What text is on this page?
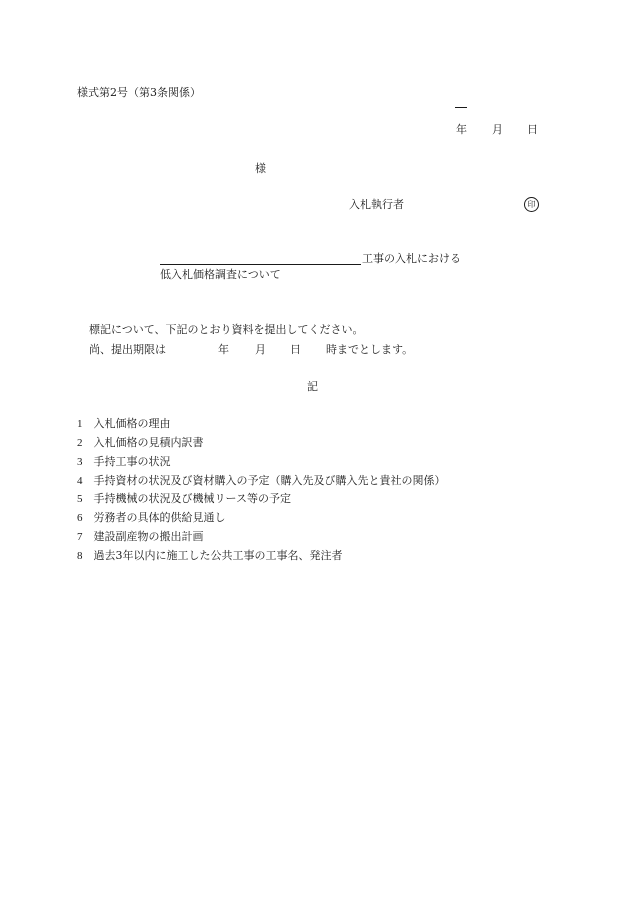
様式第2号（第3条関係）
年 月 日
様
入札執行者	印
工事の入札における
低入札価格調査について
標記について、下記のとおり資料を提出してください。
尚、提出期限は	年 月 日 時までとします。
記
1 入札価格の理由
2 入札価格の見積内訳書
3 手持工事の状況
4 手持資材の状況及び資材購入の予定（購入先及び購入先と貴社の関係）
5 手持機械の状況及び機械リース等の予定
6 労務者の具体的供給見通し
7 建設副産物の搬出計画
8 過去3年以内に施工した公共工事の工事名、発注者
